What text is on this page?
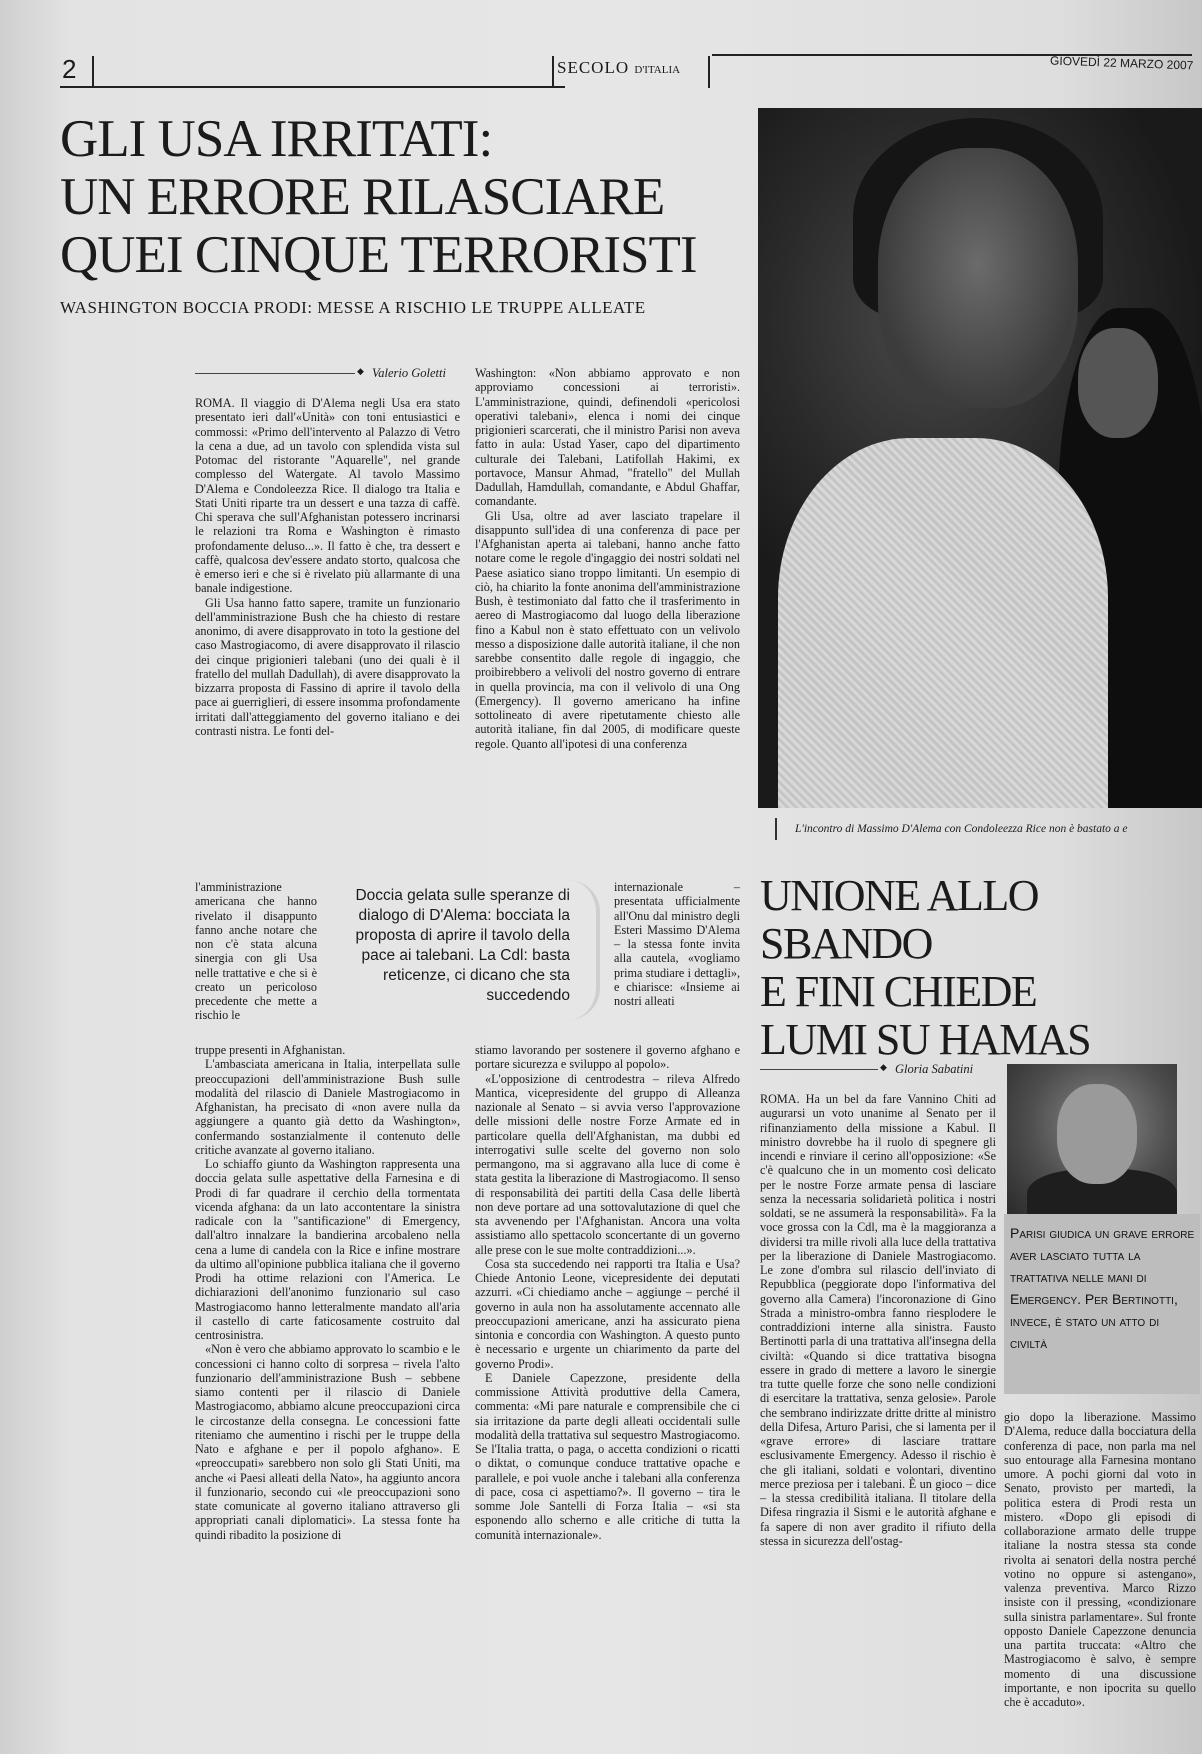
2	SECOLO D'ITALIA	GIOVEDÌ 22 MARZO 2007
GLI USA IRRITATI:
UN ERRORE RILASCIARE
QUEI CINQUE TERRORISTI
WASHINGTON BOCCIA PRODI: MESSE A RISCHIO LE TRUPPE ALLEATE
L'incontro di Massimo D'Alema con Condoleezza Rice non è bastato a e
◆ Valerio Goletti

ROMA. Il viaggio di D'Alema negli Usa era stato presentato ieri dall'«Unità» con toni entusiastici e commossi: «Primo dell'intervento al Palazzo di Vetro la cena a due, ad un tavolo con splendida vista sul Potomac del ristorante "Aquarelle", nel grande complesso del Watergate. Al tavolo Massimo D'Alema e Condoleezza Rice. Il dialogo tra Italia e Stati Uniti riparte tra un dessert e una tazza di caffè. Chi sperava che sull'Afghanistan potessero incrinarsi le relazioni tra Roma e Washington è rimasto profondamente deluso...». Il fatto è che, tra dessert e caffè, qualcosa dev'essere andato storto, qualcosa che è emerso ieri e che si è rivelato più allarmante di una banale indigestione.

Gli Usa hanno fatto sapere, tramite un funzionario dell'amministrazione Bush che ha chiesto di restare anonimo, di avere disapprovato in toto la gestione del caso Mastrogiacomo, di avere disapprovato il rilascio dei cinque prigionieri talebani (uno dei quali è il fratello del mullah Dadullah), di avere disapprovato la bizzarra proposta di Fassino di aprire il tavolo della pace ai guerriglieri, di essere insomma profondamente irritati dall'atteggiamento del governo italiano e dei contrasti nistra. Le fonti del-

l'amministrazione americana che hanno rivelato il disappunto fanno anche notare che non c'è stata alcuna sinergia con gli Usa nelle trattative e che si è creato un pericoloso precedente che mette a rischio le

truppe presenti in Afghanistan.

L'ambasciata americana in Italia, interpellata sulle preoccupazioni dell'amministrazione Bush sulle modalità del rilascio di Daniele Mastrogiacomo in Afghanistan, ha precisato di «non avere nulla da aggiungere a quanto già detto da Washington», confermando sostanzialmente il contenuto delle critiche avanzate al governo italiano.

Lo schiaffo giunto da Washington rappresenta una doccia gelata sulle aspettative della Farnesina e di Prodi di far quadrare il cerchio della tormentata vicenda afghana: da un lato accontentare la sinistra radicale con la "santificazione" di Emergency, dall'altro innalzare la bandierina arcobaleno nella cena a lume di candela con la Rice e infine mostrare da ultimo all'opinione pubblica italiana che il governo Prodi ha ottime relazioni con l'America. Le dichiarazioni dell'anonimo funzionario sul caso Mastrogiacomo hanno letteralmente mandato all'aria il castello di carte faticosamente costruito dal centrosinistra.

«Non è vero che abbiamo approvato lo scambio e le concessioni ci hanno colto di sorpresa – rivela l'alto funzionario dell'amministrazione Bush – sebbene siamo contenti per il rilascio di Daniele Mastrogiacomo, abbiamo alcune preoccupazioni circa le circostanze della consegna. Le concessioni fatte riteniamo che aumentino i rischi per le truppe della Nato e afghane e per il popolo afghano». E «preoccupati» sarebbero non solo gli Stati Uniti, ma anche «i Paesi alleati della Nato», ha aggiunto ancora il funzionario, secondo cui «le preoccupazioni sono state comunicate al governo italiano attraverso gli appropriati canali diplomatici». La stessa fonte ha quindi ribadito la posizione di

Washington: «Non abbiamo approvato e non approviamo concessioni ai terroristi». L'amministrazione, quindi, definendoli «pericolosi operativi talebani», elenca i nomi dei cinque prigionieri scarcerati, che il ministro Parisi non aveva fatto in aula: Ustad Yaser, capo del dipartimento culturale dei Talebani, Latifollah Hakimi, ex portavoce, Mansur Ahmad, "fratello" del Mullah Dadullah, Hamdullah, comandante, e Abdul Ghaffar, comandante.

Gli Usa, oltre ad aver lasciato trapelare il disappunto sull'idea di una conferenza di pace per l'Afghanistan aperta ai talebani, hanno anche fatto notare come le regole d'ingaggio dei nostri soldati nel Paese asiatico siano troppo limitanti. Un esempio di ciò, ha chiarito la fonte anonima dell'amministrazione Bush, è testimoniato dal fatto che il trasferimento in aereo di Mastrogiacomo dal luogo della liberazione fino a Kabul non è stato effettuato con un velivolo messo a disposizione dalle autorità italiane, il che non sarebbe consentito dalle regole di ingaggio, che proibirebbero a velivoli del nostro governo di entrare in quella provincia, ma con il velivolo di una Ong (Emergency). Il governo americano ha infine sottolineato di avere ripetutamente chiesto alle autorità italiane, fin dal 2005, di modificare queste regole. Quanto all'ipotesi di una conferenza

internazionale – presentata ufficialmente all'Onu dal ministro degli Esteri Massimo D'Alema – la stessa fonte invita alla cautela, «vogliamo prima studiare i dettagli», e chiarisce: «Insieme ai nostri alleati

stiamo lavorando per sostenere il governo afghano e portare sicurezza e sviluppo al popolo».

«L'opposizione di centrodestra – rileva Alfredo Mantica, vicepresidente del gruppo di Alleanza nazionale al Senato – si avvia verso l'approvazione delle missioni delle nostre Forze Armate ed in particolare quella dell'Afghanistan, ma dubbi ed interrogativi sulle scelte del governo non solo permangono, ma si aggravano alla luce di come è stata gestita la liberazione di Mastrogiacomo. Il senso di responsabilità dei partiti della Casa delle libertà non deve portare ad una sottovalutazione di quel che sta avvenendo per l'Afghanistan. Ancora una volta assistiamo allo spettacolo sconcertante di un governo alle prese con le sue molte contraddizioni...».

Cosa sta succedendo nei rapporti tra Italia e Usa? Chiede Antonio Leone, vicepresidente dei deputati azzurri. «Ci chiediamo anche – aggiunge – perché il governo in aula non ha assolutamente accennato alle preoccupazioni americane, anzi ha assicurato piena sintonia e concordia con Washington. A questo punto è necessario e urgente un chiarimento da parte del governo Prodi».

E Daniele Capezzone, presidente della commissione Attività produttive della Camera, commenta: «Mi pare naturale e comprensibile che ci sia irritazione da parte degli alleati occidentali sulle modalità della trattativa sul sequestro Mastrogiacomo. Se l'Italia tratta, o paga, o accetta condizioni o ricatti o diktat, o comunque conduce trattative opache e parallele, e poi vuole anche i talebani alla conferenza di pace, cosa ci aspettiamo?». Il governo – tira le somme Jole Santelli di Forza Italia – «si sta esponendo allo scherno e alle critiche di tutta la comunità internazionale».

Doccia gelata sulle speranze di dialogo di D'Alema: bocciata la proposta di aprire il tavolo della pace ai talebani. La Cdl: basta reticenze, ci dicano che sta succedendo
UNIONE ALLO SBANDO
E FINI CHIEDE
LUMI SU HAMAS
◆ Gloria Sabatini
Parisi giudica un grave errore aver lasciato tutta la trattativa nelle mani di Emergency. Per Bertinotti, invece, è stato un atto di civiltà

ROMA. Ha un bel da fare Vannino Chiti ad augurarsi un voto unanime al Senato per il rifinanziamento della missione a Kabul. Il ministro dovrebbe ha il ruolo di spegnere gli incendi e rinviare il cerino all'opposizione: «Se c'è qualcuno che in un momento così delicato per le nostre Forze armate pensa di lasciare senza la necessaria solidarietà politica i nostri soldati, se ne assumerà la responsabilità». Fa la voce grossa con la Cdl, ma è la maggioranza a dividersi tra mille rivoli alla luce della trattativa per la liberazione di Daniele Mastrogiacomo. Le zone d'ombra sul rilascio dell'inviato di Repubblica (peggiorate dopo l'informativa del governo alla Camera) l'incoronazione di Gino Strada a ministro-ombra fanno riesplodere le contraddizioni interne alla sinistra. Fausto Bertinotti parla di una trattativa all'insegna della civiltà: «Quando si dice trattativa bisogna essere in grado di mettere a lavoro le sinergie tra tutte quelle forze che sono nelle condizioni di esercitare la trattativa, senza gelosie». Parole che sembrano indirizzate dritte dritte al ministro della Difesa, Arturo Parisi, che si lamenta per il «grave errore» di lasciare trattare esclusivamente Emergency. Adesso il rischio è che gli italiani, soldati e volontari, diventino merce preziosa per i talebani. È un gioco – dice – la stessa credibilità italiana. Il titolare della Difesa ringrazia il Sismi e le autorità afghane e fa sapere di non aver gradito il rifiuto della stessa in sicurezza dell'ostag-

gio dopo la liberazione. Massimo D'Alema, reduce dalla bocciatura della conferenza di pace, non parla ma nel suo entourage alla Farnesina montano umore. A pochi giorni dal voto in Senato, provisto per martedì, la politica estera di Prodi resta un mistero. «Dopo gli episodi di collaborazione armato delle truppe italiane la nostra stessa sta conde rivolta ai senatori della nostra perché votino no oppure si astengano», valenza preventiva. Marco Rizzo insiste con il pressing, «condizionare sulla sinistra parlamentare». Sul fronte opposto Daniele Capezzone denuncia una partita truccata: «Altro che Mastrogiacomo è salvo, è sempre momento di una discussione importante, e non ipocrita su quello che è accaduto».
